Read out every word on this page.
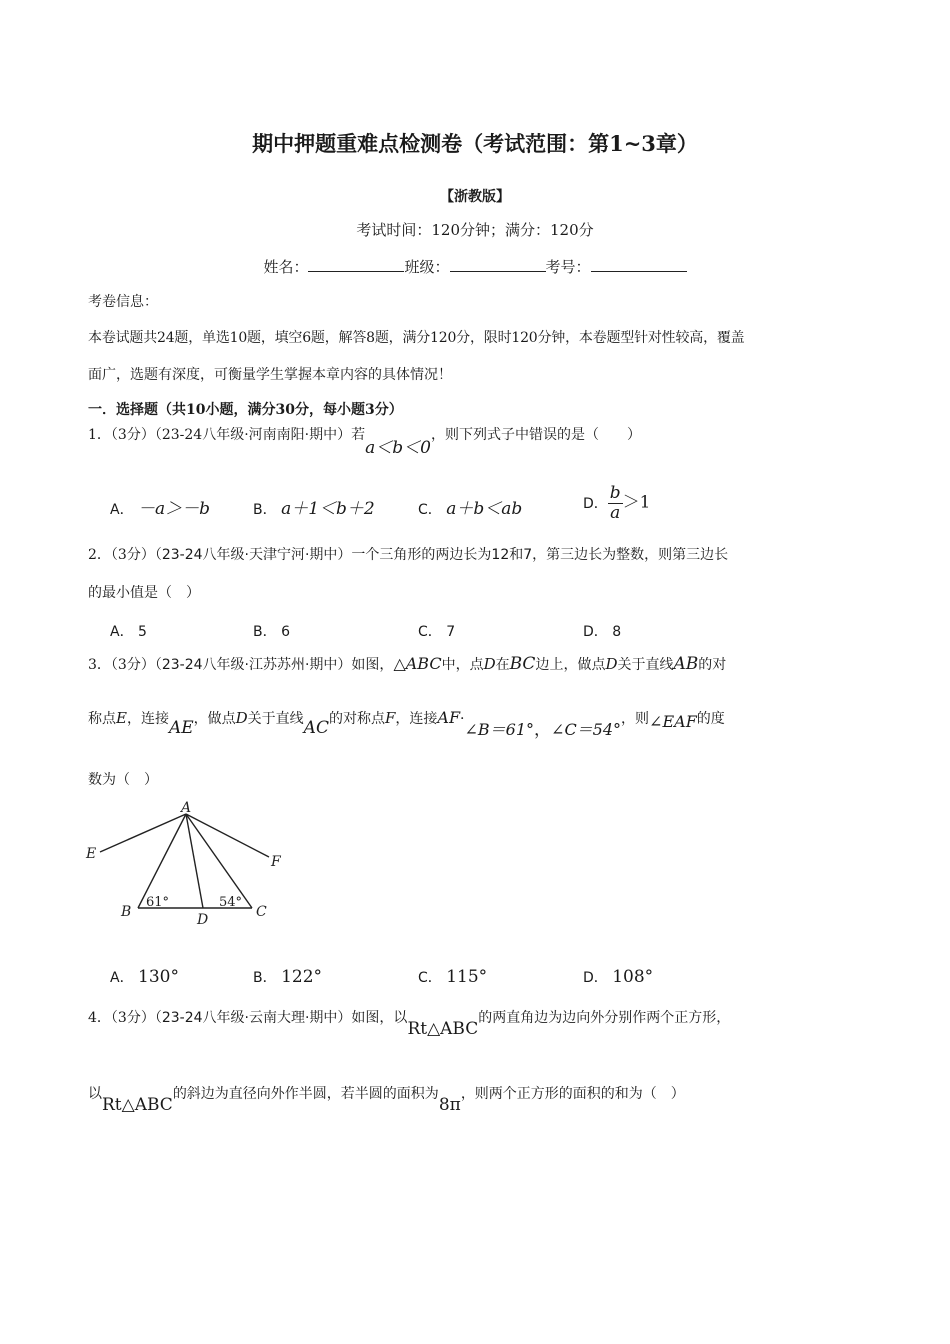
期中押题重难点检测卷（考试范围：第1~3章）
【浙教版】
考试时间：120分钟；满分：120分
姓名：	班级：	考号：
考卷信息：
本卷试题共24题，单选10题，填空6题，解答8题，满分120分，限时120分钟，本卷题型针对性较高，覆盖
面广，选题有深度，可衡量学生掌握本章内容的具体情况！
一．选择题（共10小题，满分30分，每小题3分）
1．（3分）（23-24八年级·河南南阳·期中）若a＜b＜0，则下列式子中错误的是（　　）
A． －a＞－b	B． a＋1＜b＋2	C． a＋b＜ab	D． $\frac{b}{a} >1$
2．（3分）（23-24八年级·天津宁河·期中）一个三角形的两边长为12和7，第三边长为整数，则第三边长
的最小值是（　）
A． 5	B． 6	C． 7	D． 8
3．（3分）（23-24八年级·江苏苏州·期中）如图，△ABC中，点D在BC边上，做点D关于直线AB的对
称点E，连接AE，做点D关于直线AC的对称点F，连接AF·∠B＝61°，∠C＝54°，则∠EAF的度
数为（　）
A
E	F
B	C
D
61°	54°
A． 130°	B． 122°	C． 115°	D． 108°
4．（3分）（23-24八年级·云南大理·期中）如图，以Rt△ABC的两直角边为边向外分别作两个正方形，
以Rt△ABC的斜边为直径向外作半圆，若半圆的面积为8π，则两个正方形的面积的和为（　）
